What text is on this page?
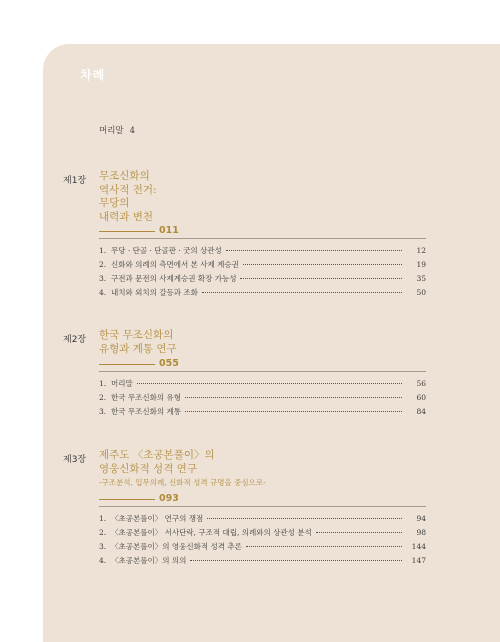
차례
머리말 4
제1장 무조신화의
역사적 전거:
무당의
내력과 변천
011
1. 무당 · 단골 · 단골판 · 굿의 상관성	12
2. 신화와 의례의 측면에서 본 사제 계승권	19
3. 구전과 문전의 사제계승권 확장 가능성	35
4. 내치와 외치의 갈등과 조화	50
제2장 한국 무조신화의
유형과 계통 연구
055
1. 머리말	56
2. 한국 무조신화의 유형	60
3. 한국 무조신화의 계통	84
제3장 제주도 〈초공본풀이〉의
영웅신화적 성격 연구
-구조분석, 입무의례, 신화적 성격 규명을 중심으로-
093
1. 〈초공본풀이〉 연구의 쟁점	94
2. 〈초공본풀이〉 서사단락, 구조적 대립, 의례와의 상관성 분석	98
3. 〈초공본풀이〉의 영웅신화적 성격 추론	144
4. 〈초공본풀이〉의 의의	147
